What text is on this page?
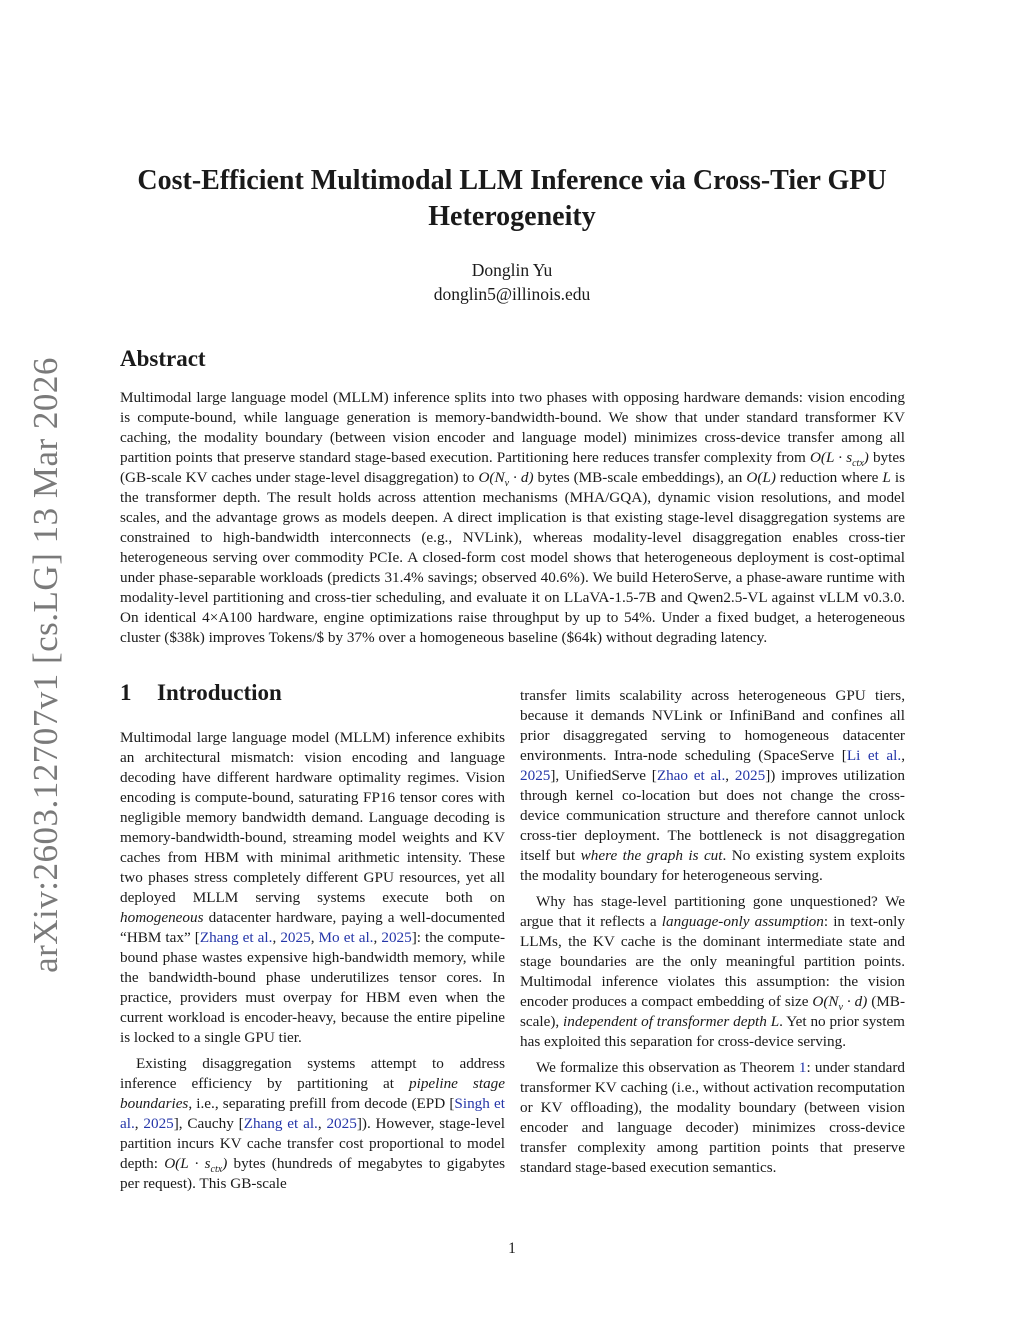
arXiv:2603.12707v1 [cs.LG] 13 Mar 2026
Cost-Efficient Multimodal LLM Inference via Cross-Tier GPU Heterogeneity
Donglin Yu
donglin5@illinois.edu
Abstract

Multimodal large language model (MLLM) inference splits into two phases with opposing hardware demands: vision encoding is compute-bound, while language generation is memory-bandwidth-bound. We show that under standard transformer KV caching, the modality boundary (between vision encoder and language model) minimizes cross-device transfer among all partition points that preserve standard stage-based execution. Partitioning here reduces transfer complexity from $O(L \cdot s_{ctx})$ bytes (GB-scale KV caches under stage-level disaggregation) to $O(N_v \cdot d)$ bytes (MB-scale embeddings), an O(L) reduction where L is the transformer depth. The result holds across attention mechanisms (MHA/GQA), dynamic vision resolutions, and model scales, and the advantage grows as models deepen. A direct implication is that existing stage-level disaggregation systems are constrained to high-bandwidth interconnects (e.g., NVLink), whereas modality-level disaggregation enables cross-tier heterogeneous serving over commodity PCIe. A closed-form cost model shows that heterogeneous deployment is cost-optimal under phase-separable workloads (predicts 31.4% savings; observed 40.6%). We build HeteroServe, a phase-aware runtime with modality-level partitioning and cross-tier scheduling, and evaluate it on LLaVA-1.5-7B and Qwen2.5-VL against vLLM v0.3.0. On identical 4×A100 hardware, engine optimizations raise throughput by up to 54%. Under a fixed budget, a heterogeneous cluster ($38k) improves Tokens/$ by 37% over a homogeneous baseline ($64k) without degrading latency.

1 Introduction

Multimodal large language model (MLLM) inference exhibits an architectural mismatch: vision encoding and language decoding have different hardware optimality regimes. Vision encoding is compute-bound, saturating FP16 tensor cores with negligible memory bandwidth demand. Language decoding is memory-bandwidth-bound, streaming model weights and KV caches from HBM with minimal arithmetic intensity. These two phases stress completely different GPU resources, yet all deployed MLLM serving systems execute both on homogeneous datacenter hardware, paying a well-documented “HBM tax” [Zhang et al., 2025, Mo et al., 2025]: the compute-bound phase wastes expensive high-bandwidth memory, while the bandwidth-bound phase underutilizes tensor cores. In practice, providers must overpay for HBM even when the current workload is encoder-heavy, because the entire pipeline is locked to a single GPU tier.

Existing disaggregation systems attempt to address inference efficiency by partitioning at pipeline stage boundaries, i.e., separating prefill from decode (EPD [Singh et al., 2025], Cauchy [Zhang et al., 2025]). However, stage-level partition incurs KV cache transfer cost proportional to model depth: $O(L \cdot s_{ctx})$ bytes (hundreds of megabytes to gigabytes per request). This GB-scale

transfer limits scalability across heterogeneous GPU tiers, because it demands NVLink or InfiniBand and confines all prior disaggregated serving to homogeneous datacenter environments. Intra-node scheduling (SpaceServe [Li et al., 2025], UnifiedServe [Zhao et al., 2025]) improves utilization through kernel co-location but does not change the cross-device communication structure and therefore cannot unlock cross-tier deployment. The bottleneck is not disaggregation itself but where the graph is cut. No existing system exploits the modality boundary for heterogeneous serving.

Why has stage-level partitioning gone unquestioned? We argue that it reflects a language-only assumption: in text-only LLMs, the KV cache is the dominant intermediate state and stage boundaries are the only meaningful partition points. Multimodal inference violates this assumption: the vision encoder produces a compact embedding of size $O(N_v \cdot d)$ (MB-scale), independent of transformer depth L. Yet no prior system has exploited this separation for cross-device serving.

We formalize this observation as Theorem 1: under standard transformer KV caching (i.e., without activation recomputation or KV offloading), the modality boundary (between vision encoder and language decoder) minimizes cross-device transfer complexity among partition points that preserve standard stage-based execution semantics.

1
